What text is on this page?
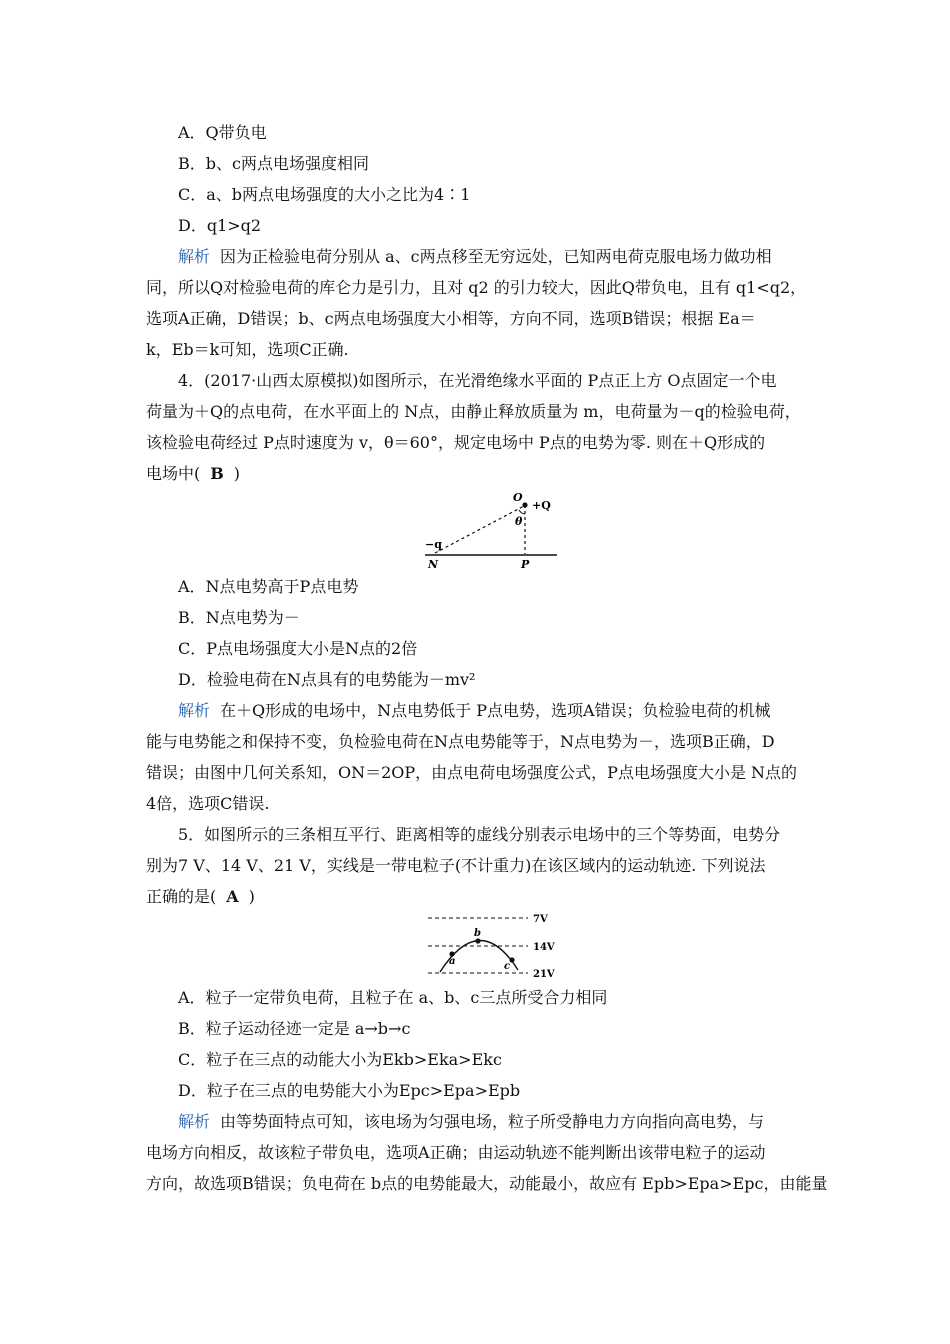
A．Q带负电
B．b、c两点电场强度相同
C．a、b两点电场强度的大小之比为4∶1
D．q1>q2
解析 因为正检验电荷分别从 a、c两点移至无穷远处，已知两电荷克服电场力做功相
同，所以Q对检验电荷的库仑力是引力，且对 q2 的引力较大，因此Q带负电，且有 q1<q2，
选项A正确，D错误；b、c两点电场强度大小相等，方向不同，选项B错误；根据 Ea＝
k，Eb＝k可知，选项C正确.
4．(2017·山西太原模拟)如图所示，在光滑绝缘水平面的 P点正上方 O点固定一个电
荷量为＋Q的点电荷，在水平面上的 N点，由静止释放质量为 m，电荷量为－q的检验电荷，
该检验电荷经过 P点时速度为 v，θ＝60°，规定电场中 P点的电势为零. 则在＋Q形成的
电场中( B )
O
+Q
θ
−q
N	P
A．N点电势高于P点电势
B．N点电势为－
C．P点电场强度大小是N点的2倍
D．检验电荷在N点具有的电势能为－mv²
解析 在＋Q形成的电场中，N点电势低于 P点电势，选项A错误；负检验电荷的机械
能与电势能之和保持不变，负检验电荷在N点电势能等于，N点电势为－，选项B正确，D
错误；由图中几何关系知，ON＝2OP，由点电荷电场强度公式，P点电场强度大小是 N点的
4倍，选项C错误.
5．如图所示的三条相互平行、距离相等的虚线分别表示电场中的三个等势面，电势分
别为7 V、14 V、21 V，实线是一带电粒子(不计重力)在该区域内的运动轨迹. 下列说法
正确的是( A )
a
b
c
7V
14V
21V
A．粒子一定带负电荷，且粒子在 a、b、c三点所受合力相同
B．粒子运动径迹一定是 a→b→c
C．粒子在三点的动能大小为Ekb>Eka>Ekc
D．粒子在三点的电势能大小为Epc>Epa>Epb
解析 由等势面特点可知，该电场为匀强电场，粒子所受静电力方向指向高电势，与
电场方向相反，故该粒子带负电，选项A正确；由运动轨迹不能判断出该带电粒子的运动
方向，故选项B错误；负电荷在 b点的电势能最大，动能最小，故应有 Epb>Epa>Epc，由能量
